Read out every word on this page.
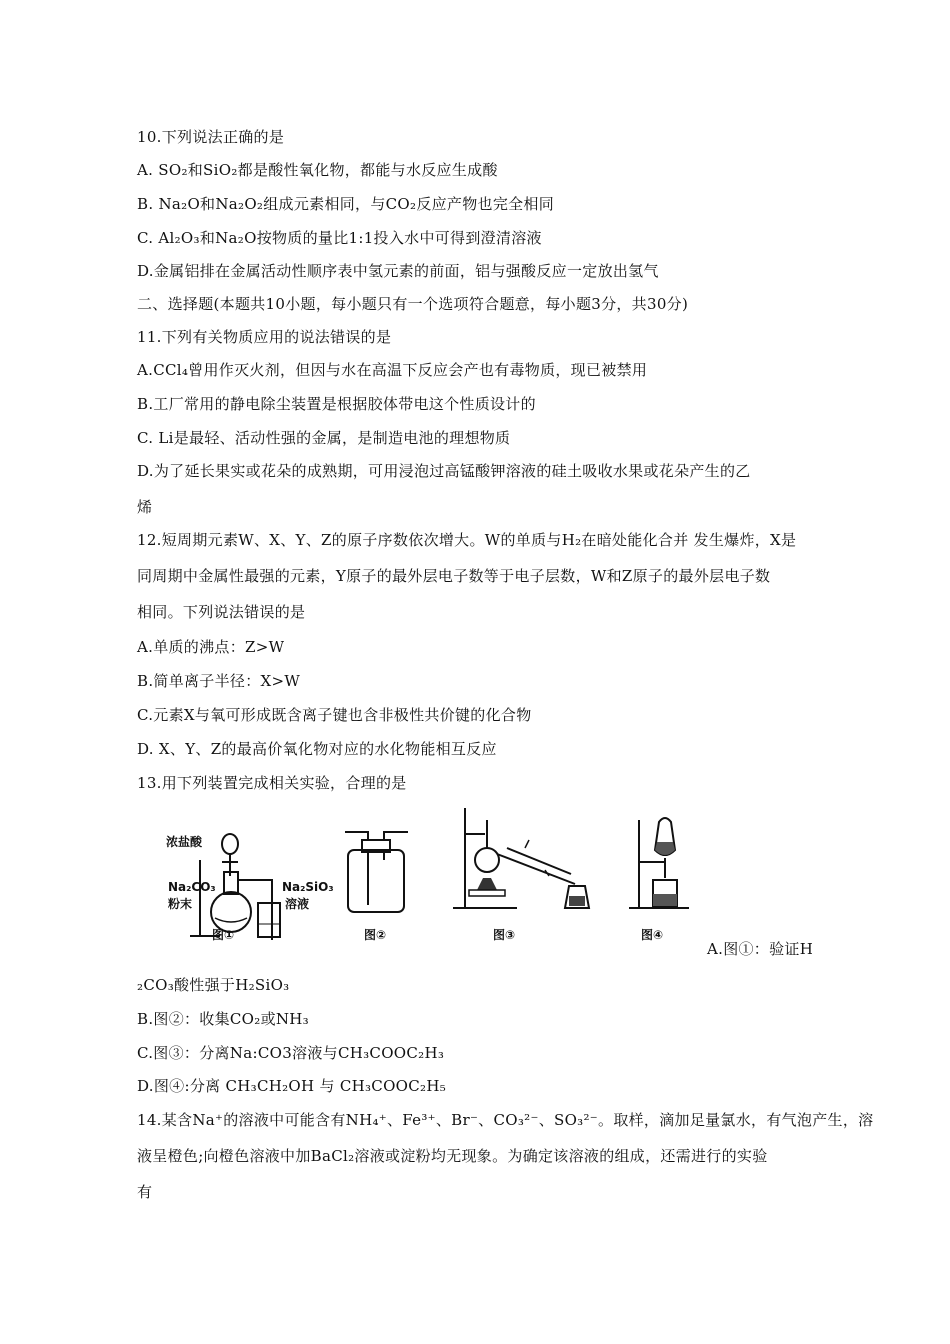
10.下列说法正确的是
A. SO₂和SiO₂都是酸性氧化物，都能与水反应生成酸
B. Na₂O和Na₂O₂组成元素相同，与CO₂反应产物也完全相同
C. Al₂O₃和Na₂O按物质的量比1:1投入水中可得到澄清溶液
D.金属铝排在金属活动性顺序表中氢元素的前面，铝与强酸反应一定放出氢气
二、选择题(本题共10小题，每小题只有一个选项符合题意，每小题3分，共30分)
11.下列有关物质应用的说法错误的是
A.CCl₄曾用作灭火剂，但因与水在高温下反应会产也有毒物质，现已被禁用
B.工厂常用的静电除尘装置是根据胶体带电这个性质设计的
C. Li是最轻、活动性强的金属，是制造电池的理想物质
D.为了延长果实或花朵的成熟期，可用浸泡过高锰酸钾溶液的硅土吸收水果或花朵产生的乙
烯
12.短周期元素W、X、Y、Z的原子序数依次增大。W的单质与H₂在暗处能化合并 发生爆炸，X是
同周期中金属性最强的元素，Y原子的最外层电子数等于电子层数，W和Z原子的最外层电子数
相同。下列说法错误的是
A.单质的沸点：Z>W
B.简单离子半径：X>W
C.元素X与氧可形成既含离子键也含非极性共价键的化合物
D. X、Y、Z的最高价氧化物对应的水化物能相互反应
13.用下列装置完成相关实验，合理的是
浓盐酸
Na₂CO₃
粉末
Na₂SiO₃
溶液
图①	图②	图③	图④
A.图①：验证H
₂CO₃酸性强于H₂SiO₃
B.图②：收集CO₂或NH₃
C.图③：分离Na:CO3溶液与CH₃COOC₂H₃
D.图④:分离 CH₃CH₂OH 与 CH₃COOC₂H₅
14.某含Na⁺的溶液中可能含有NH₄⁺、Fe³⁺、Br⁻、CO₃²⁻、SO₃²⁻。取样，滴加足量氯水，有气泡产生，溶
液呈橙色;向橙色溶液中加BaCl₂溶液或淀粉均无现象。为确定该溶液的组成，还需进行的实验
有
